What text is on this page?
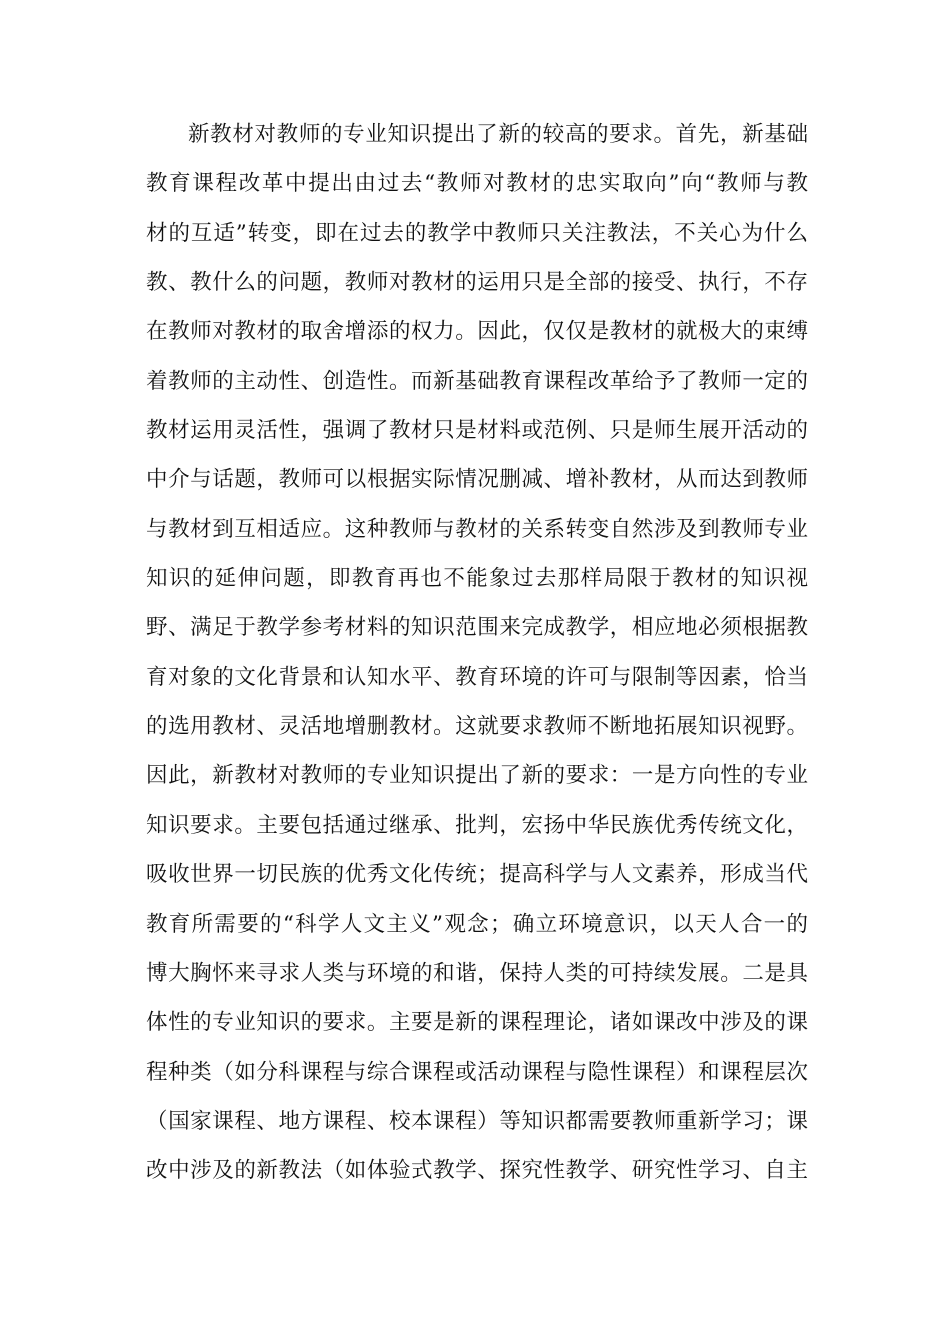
新教材对教师的专业知识提出了新的较高的要求。首先，新基础
教育课程改革中提出由过去“教师对教材的忠实取向”向“教师与教
材的互适”转变，即在过去的教学中教师只关注教法，不关心为什么
教、教什么的问题，教师对教材的运用只是全部的接受、执行，不存
在教师对教材的取舍增添的权力。因此，仅仅是教材的就极大的束缚
着教师的主动性、创造性。而新基础教育课程改革给予了教师一定的
教材运用灵活性，强调了教材只是材料或范例、只是师生展开活动的
中介与话题，教师可以根据实际情况删减、增补教材，从而达到教师
与教材到互相适应。这种教师与教材的关系转变自然涉及到教师专业
知识的延伸问题，即教育再也不能象过去那样局限于教材的知识视
野、满足于教学参考材料的知识范围来完成教学，相应地必须根据教
育对象的文化背景和认知水平、教育环境的许可与限制等因素，恰当
的选用教材、灵活地增删教材。这就要求教师不断地拓展知识视野。
因此，新教材对教师的专业知识提出了新的要求：一是方向性的专业
知识要求。主要包括通过继承、批判，宏扬中华民族优秀传统文化，
吸收世界一切民族的优秀文化传统；提高科学与人文素养，形成当代
教育所需要的“科学人文主义”观念；确立环境意识，以天人合一的
博大胸怀来寻求人类与环境的和谐，保持人类的可持续发展。二是具
体性的专业知识的要求。主要是新的课程理论，诸如课改中涉及的课
程种类（如分科课程与综合课程或活动课程与隐性课程）和课程层次
（国家课程、地方课程、校本课程）等知识都需要教师重新学习；课
改中涉及的新教法（如体验式教学、探究性教学、研究性学习、自主
